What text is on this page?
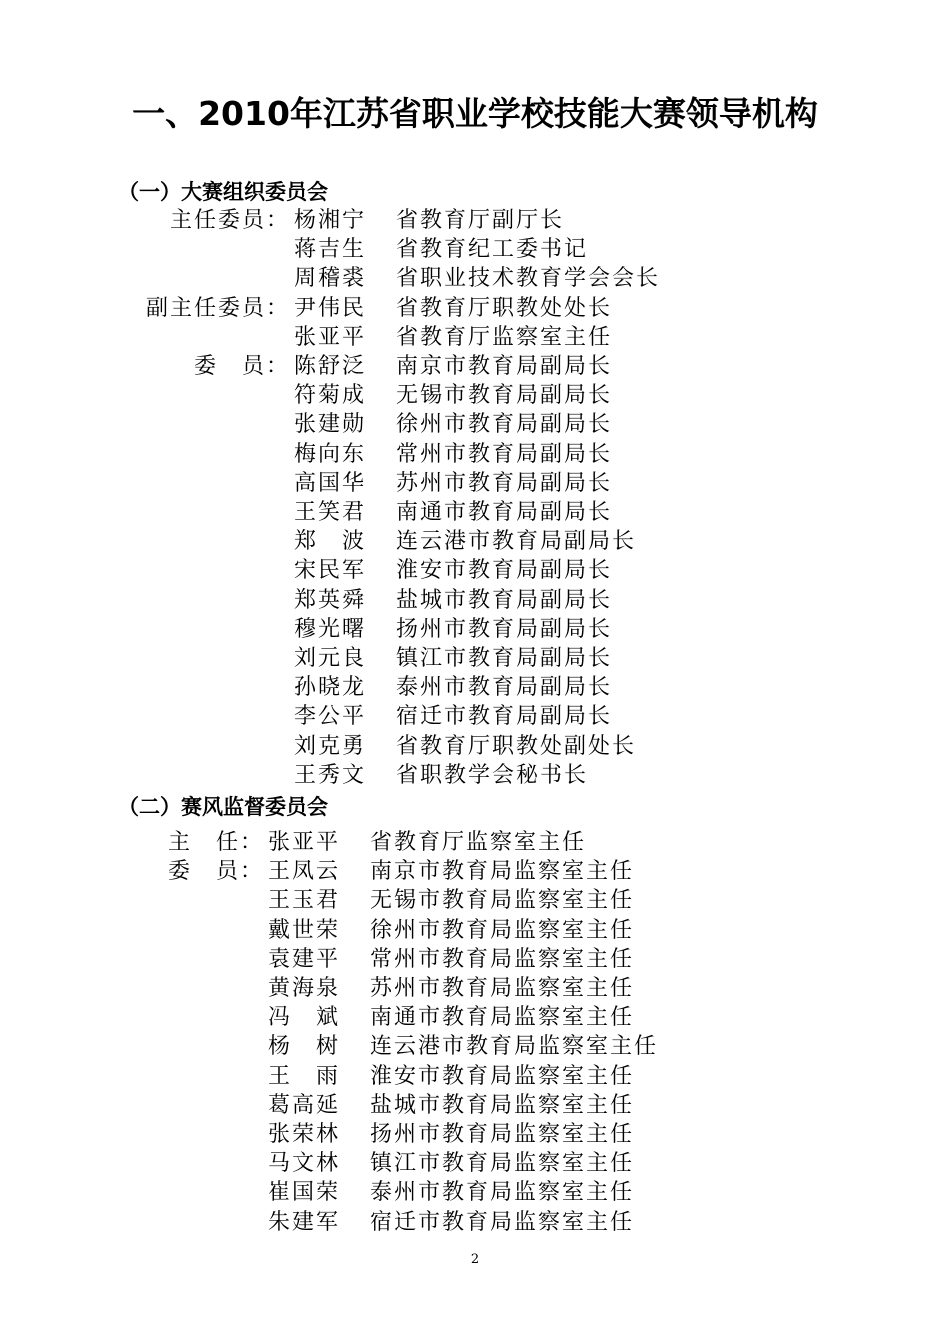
一、2010年江苏省职业学校技能大赛领导机构
（一）大赛组织委员会
主任委员： 杨湘宁 省教育厅副厅长
蒋吉生 省教育纪工委书记
周稽裘 省职业技术教育学会会长
副主任委员： 尹伟民 省教育厅职教处处长
张亚平 省教育厅监察室主任
委　员： 陈舒泛 南京市教育局副局长
符菊成 无锡市教育局副局长
张建勋 徐州市教育局副局长
梅向东 常州市教育局副局长
高国华 苏州市教育局副局长
王笑君 南通市教育局副局长
郑　波 连云港市教育局副局长
宋民军 淮安市教育局副局长
郑英舜 盐城市教育局副局长
穆光曙 扬州市教育局副局长
刘元良 镇江市教育局副局长
孙晓龙 泰州市教育局副局长
李公平 宿迁市教育局副局长
刘克勇 省教育厅职教处副处长
王秀文 省职教学会秘书长
（二）赛风监督委员会
主　任： 张亚平 省教育厅监察室主任
委　员： 王凤云 南京市教育局监察室主任
王玉君 无锡市教育局监察室主任
戴世荣 徐州市教育局监察室主任
袁建平 常州市教育局监察室主任
黄海泉 苏州市教育局监察室主任
冯　斌 南通市教育局监察室主任
杨　树 连云港市教育局监察室主任
王　雨 淮安市教育局监察室主任
葛高延 盐城市教育局监察室主任
张荣林 扬州市教育局监察室主任
马文林 镇江市教育局监察室主任
崔国荣 泰州市教育局监察室主任
朱建军 宿迁市教育局监察室主任
2
